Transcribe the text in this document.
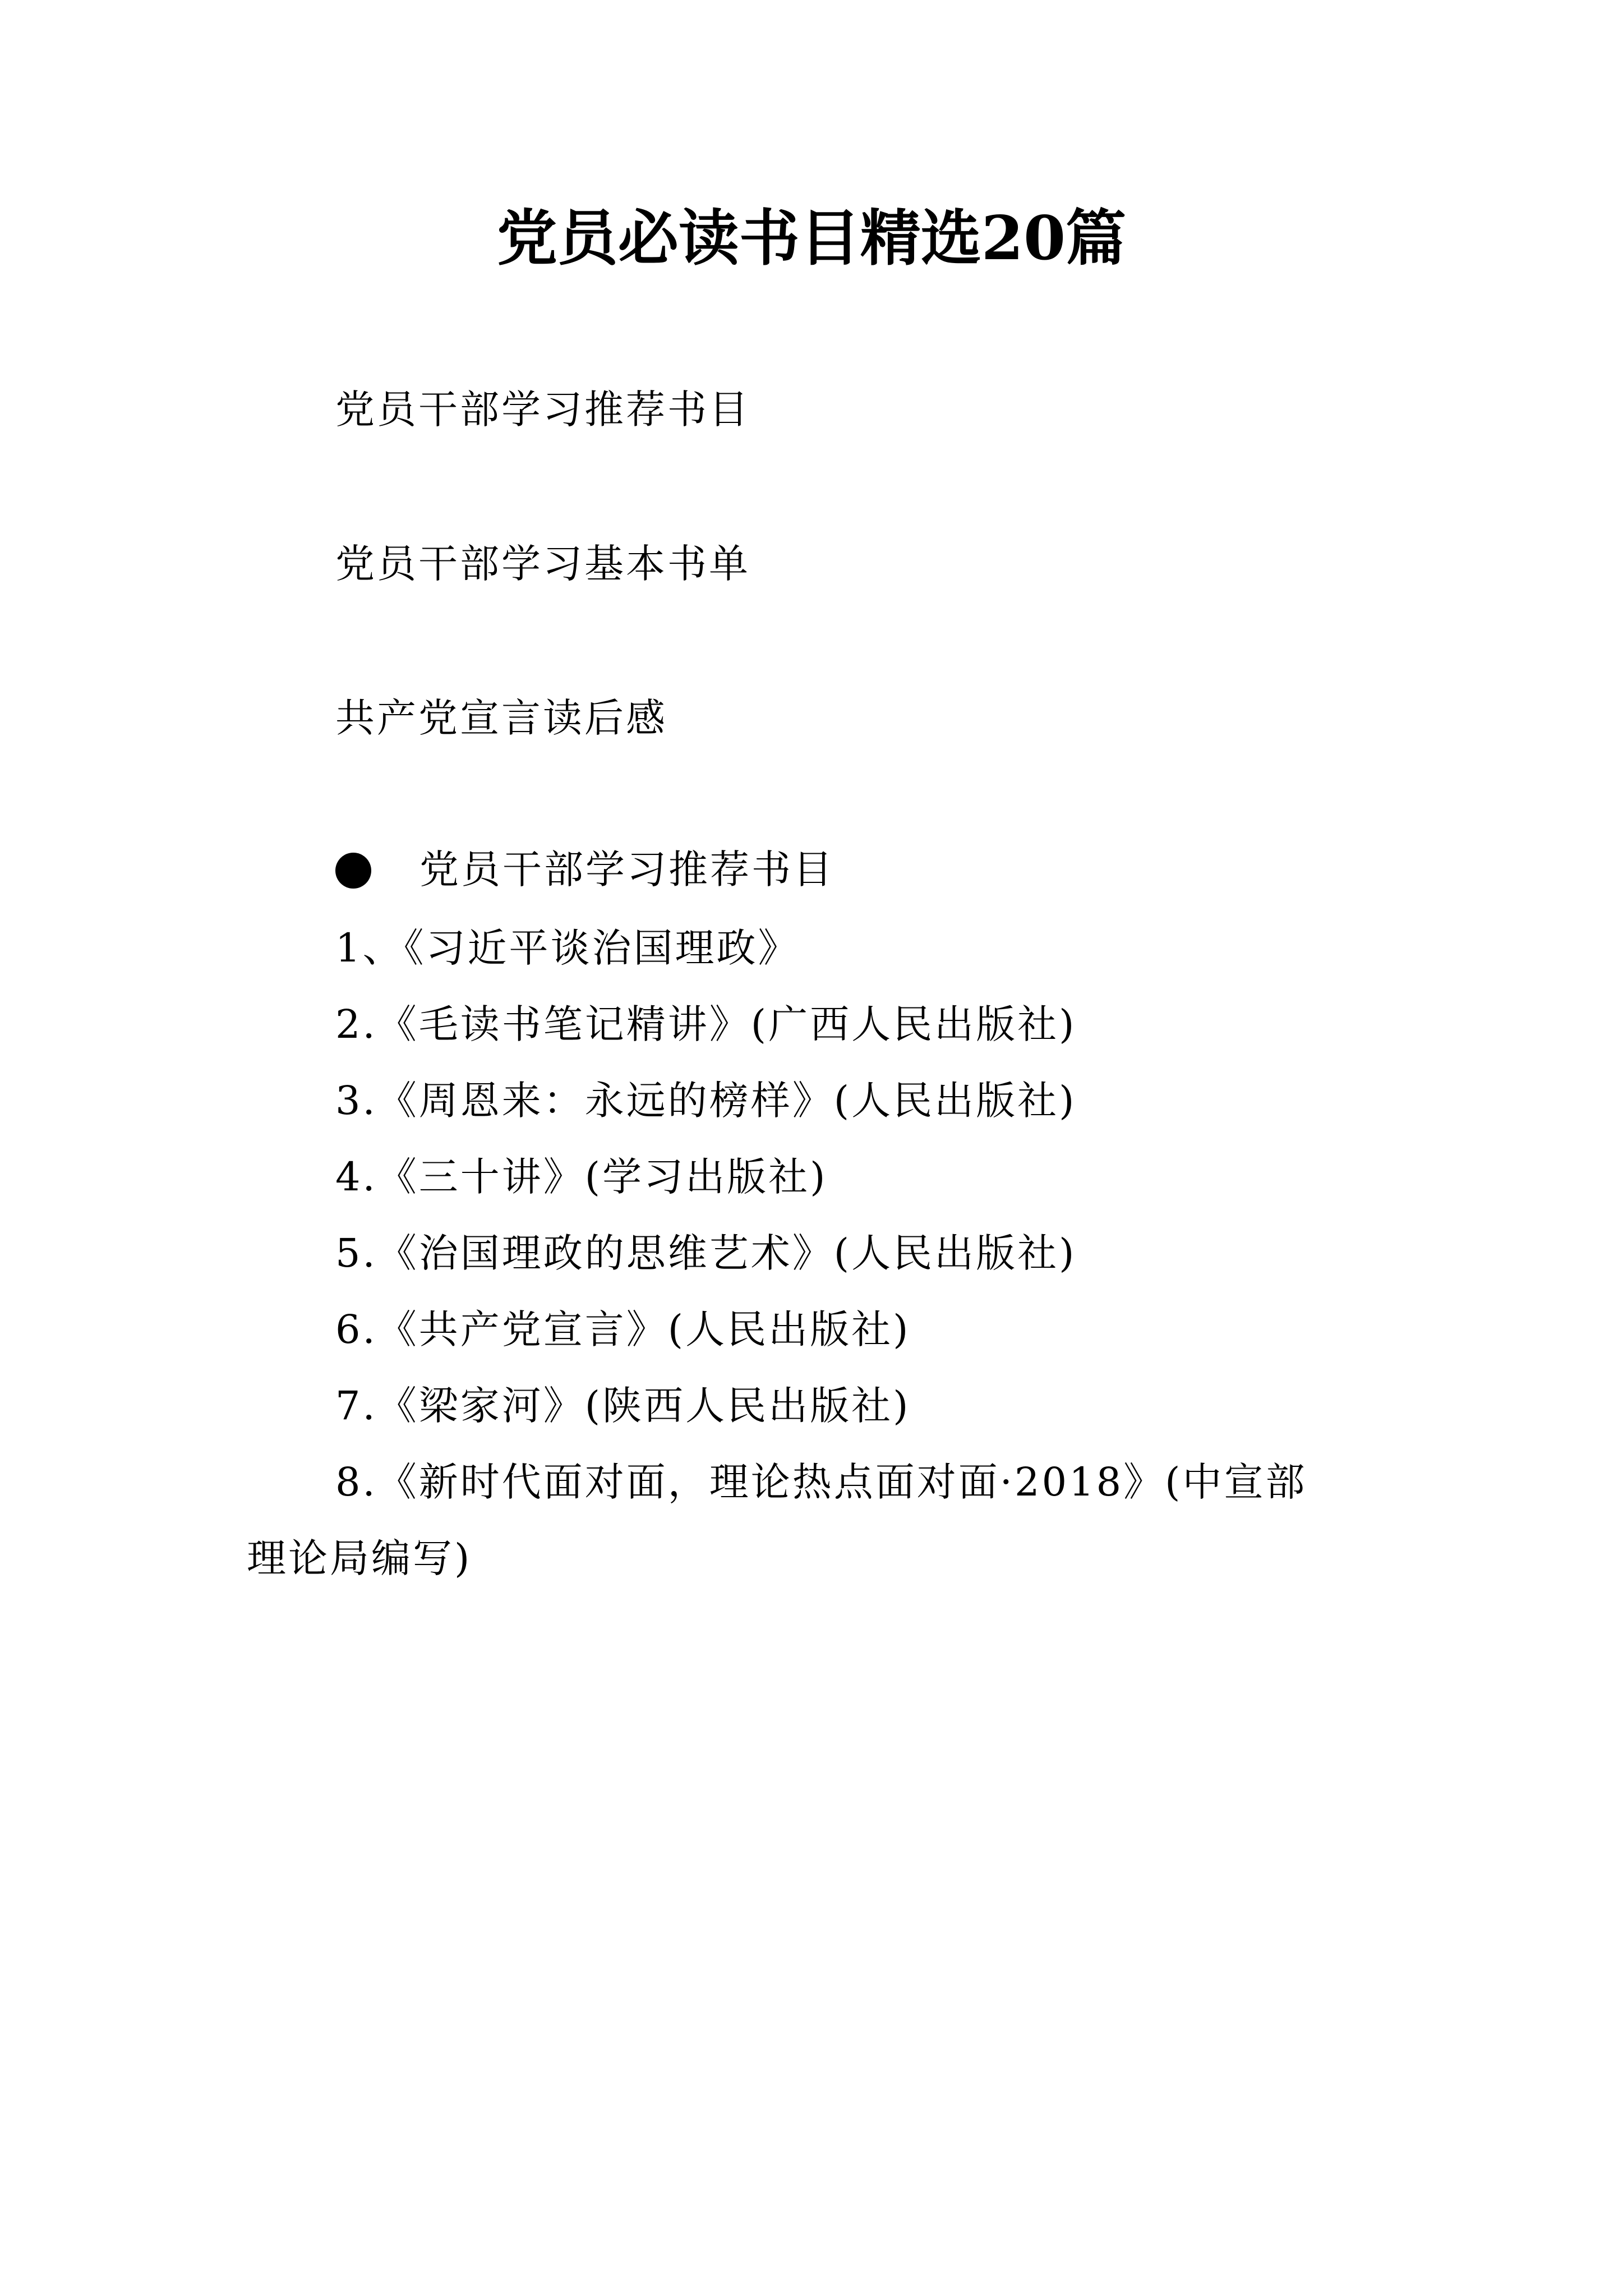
党员必读书目精选20篇
党员干部学习推荐书目
党员干部学习基本书单
共产党宣言读后感
党员干部学习推荐书目
1、《习近平谈治国理政》
2.《毛读书笔记精讲》(广西人民出版社)
3.《周恩来：永远的榜样》(人民出版社)
4.《三十讲》(学习出版社)
5.《治国理政的思维艺术》(人民出版社)
6.《共产党宣言》(人民出版社)
7.《梁家河》(陕西人民出版社)
8.《新时代面对面，理论热点面对面·2018》(中宣部
理论局编写)
